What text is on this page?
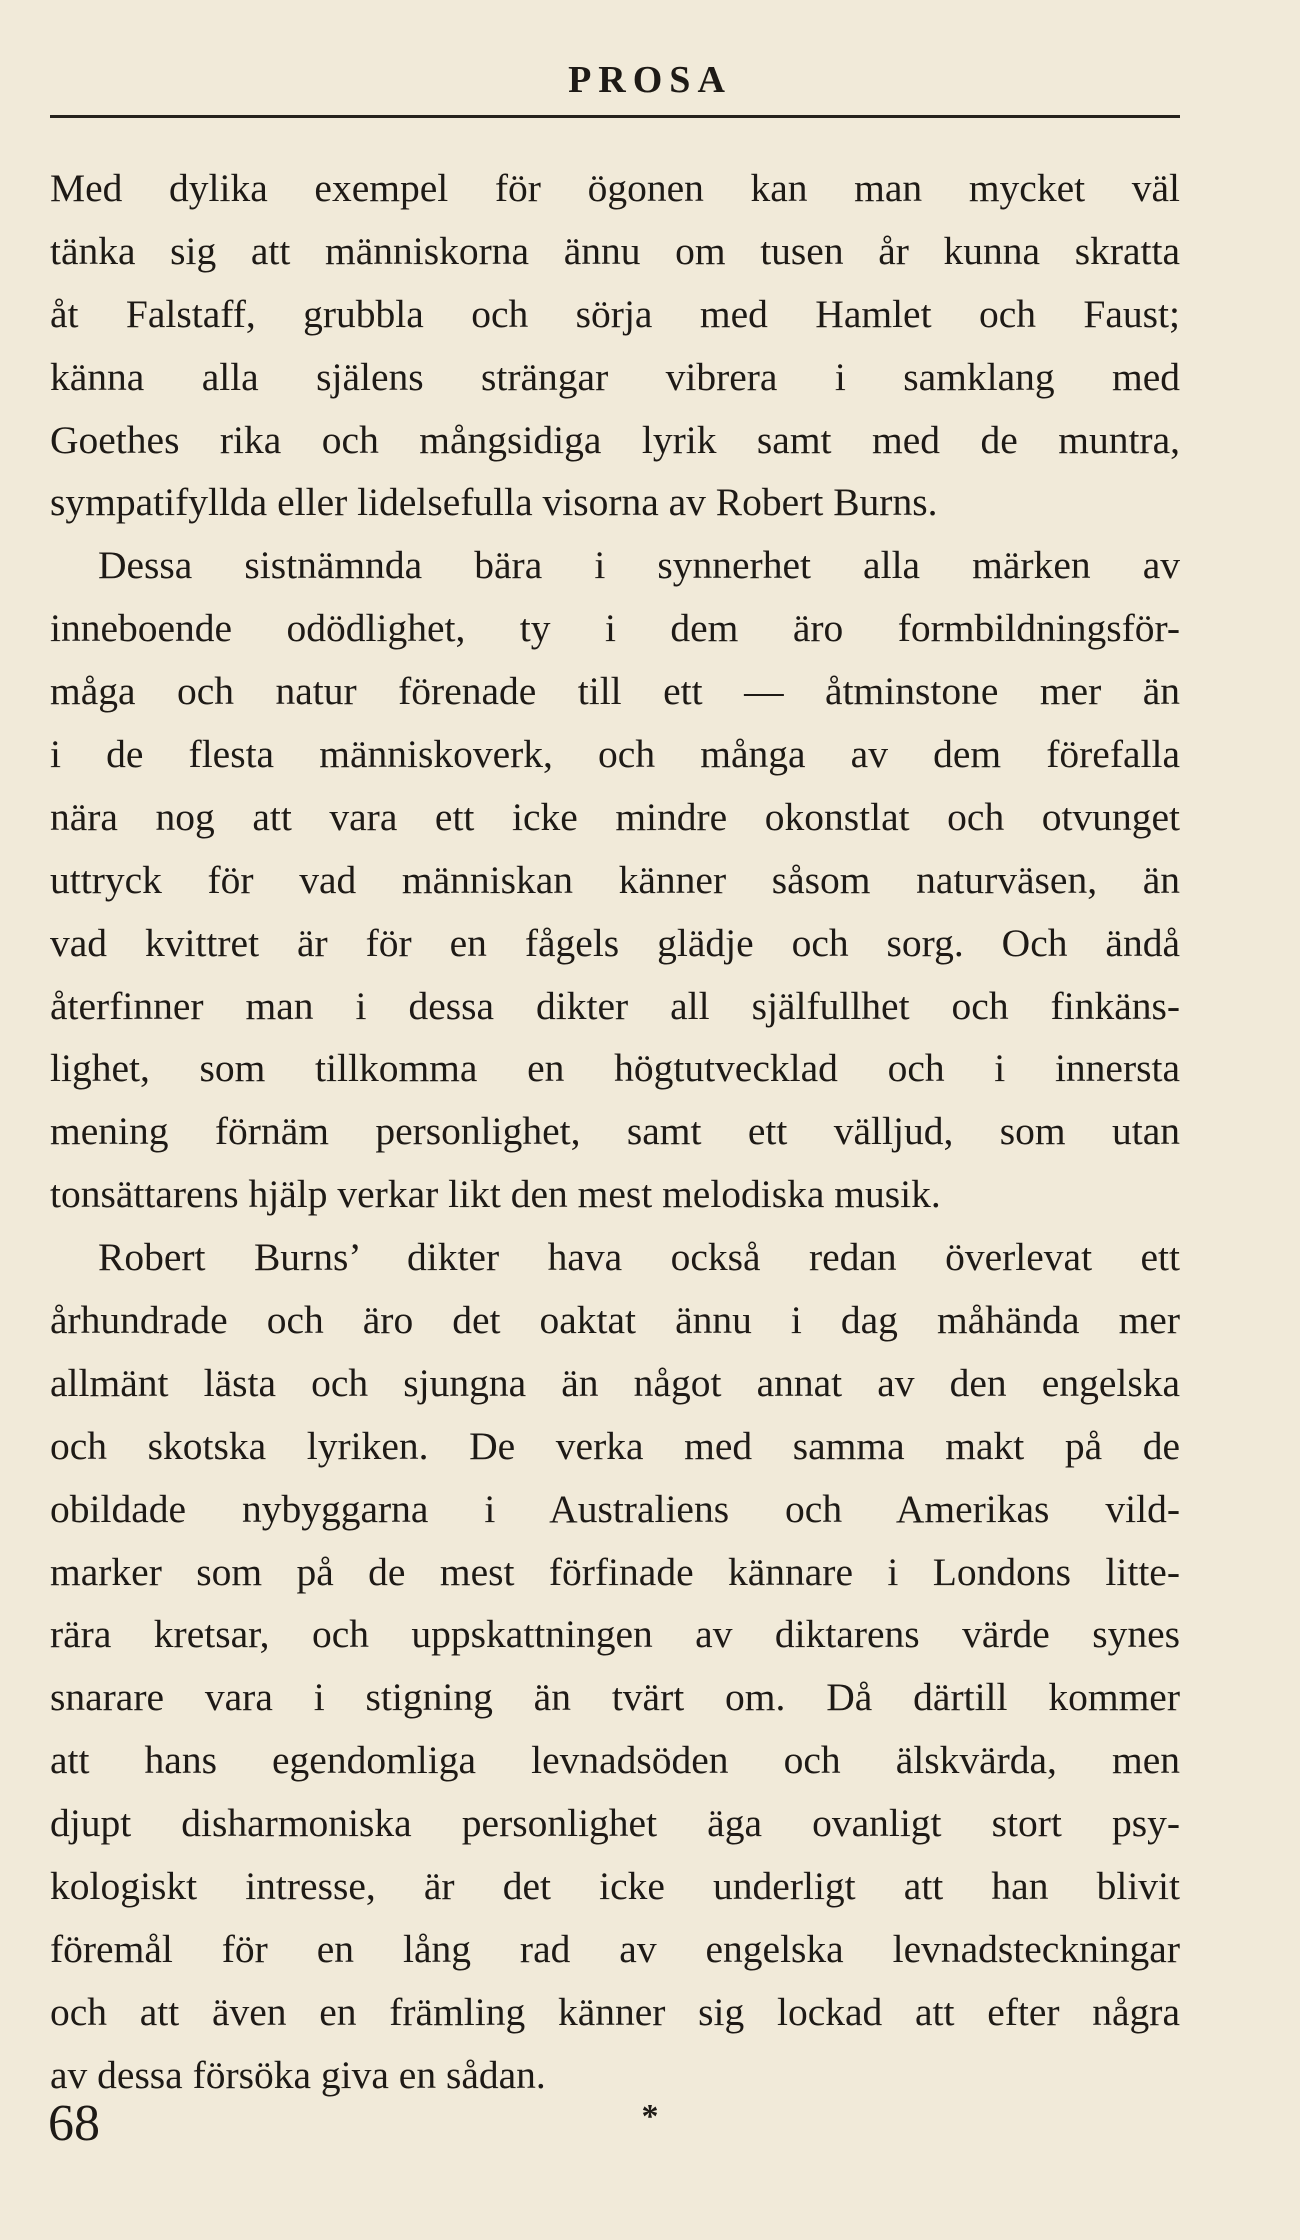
PROSA
Med dylika exempel för ögonen kan man mycket väl
tänka sig att människorna ännu om tusen år kunna skratta
åt Falstaff, grubbla och sörja med Hamlet och Faust;
känna alla själens strängar vibrera i samklang med
Goethes rika och mångsidiga lyrik samt med de muntra,
sympatifyllda eller lidelsefulla visorna av Robert Burns.
Dessa sistnämnda bära i synnerhet alla märken av
inneboende odödlighet, ty i dem äro formbildningsför-
måga och natur förenade till ett — åtminstone mer än
i de flesta människoverk, och många av dem förefalla
nära nog att vara ett icke mindre okonstlat och otvunget
uttryck för vad människan känner såsom naturväsen, än
vad kvittret är för en fågels glädje och sorg. Och ändå
återfinner man i dessa dikter all själfullhet och finkäns-
lighet, som tillkomma en högtutvecklad och i innersta
mening förnäm personlighet, samt ett välljud, som utan
tonsättarens hjälp verkar likt den mest melodiska musik.
Robert Burns’ dikter hava också redan överlevat ett
århundrade och äro det oaktat ännu i dag måhända mer
allmänt lästa och sjungna än något annat av den engelska
och skotska lyriken. De verka med samma makt på de
obildade nybyggarna i Australiens och Amerikas vild-
marker som på de mest förfinade kännare i Londons litte-
rära kretsar, och uppskattningen av diktarens värde synes
snarare vara i stigning än tvärt om. Då därtill kommer
att hans egendomliga levnadsöden och älskvärda, men
djupt disharmoniska personlighet äga ovanligt stort psy-
kologiskt intresse, är det icke underligt att han blivit
föremål för en lång rad av engelska levnadsteckningar
och att även en främling känner sig lockad att efter några
av dessa försöka giva en sådan.
*
68
